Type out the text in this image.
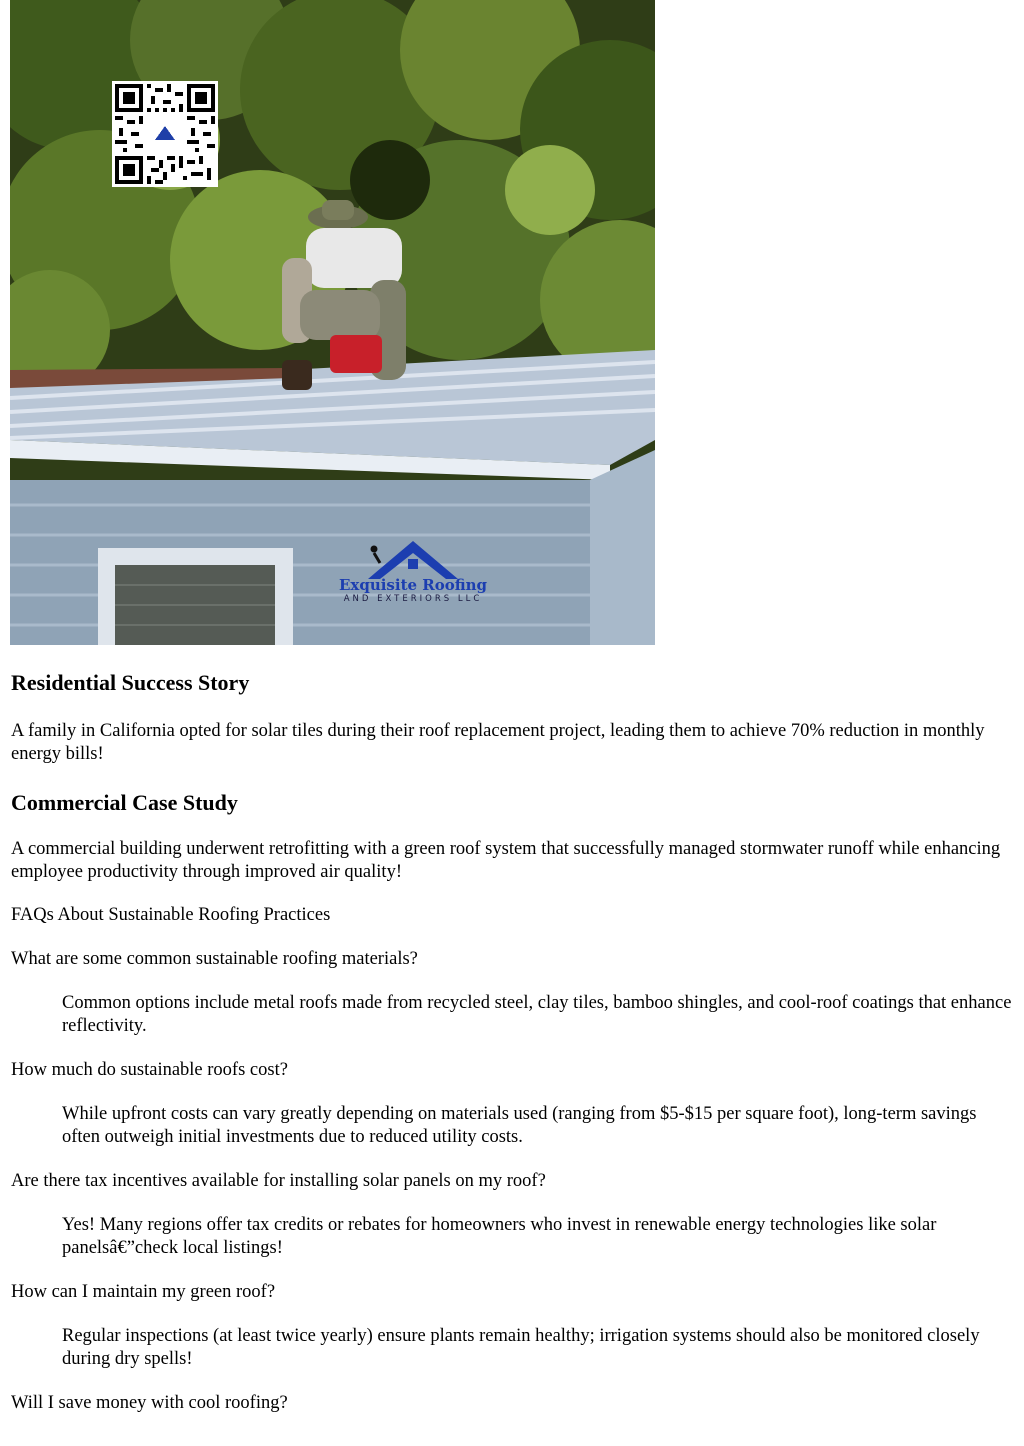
Exquisite Roofing
AND EXTERIORS LLC
Residential Success Story

A family in California opted for solar tiles during their roof replacement project, leading them to achieve 70% reduction in monthly energy bills!

Commercial Case Study

A commercial building underwent retrofitting with a green roof system that successfully managed stormwater runoff while enhancing employee productivity through improved air quality!

FAQs About Sustainable Roofing Practices

What are some common sustainable roofing materials?

Common options include metal roofs made from recycled steel, clay tiles, bamboo shingles, and cool-roof coatings that enhance reflectivity.

How much do sustainable roofs cost?

While upfront costs can vary greatly depending on materials used (ranging from $5-$15 per square foot), long-term savings often outweigh initial investments due to reduced utility costs.

Are there tax incentives available for installing solar panels on my roof?

Yes! Many regions offer tax credits or rebates for homeowners who invest in renewable energy technologies like solar panelsâ€”check local listings!

How can I maintain my green roof?

Regular inspections (at least twice yearly) ensure plants remain healthy; irrigation systems should also be monitored closely during dry spells!

Will I save money with cool roofing?
